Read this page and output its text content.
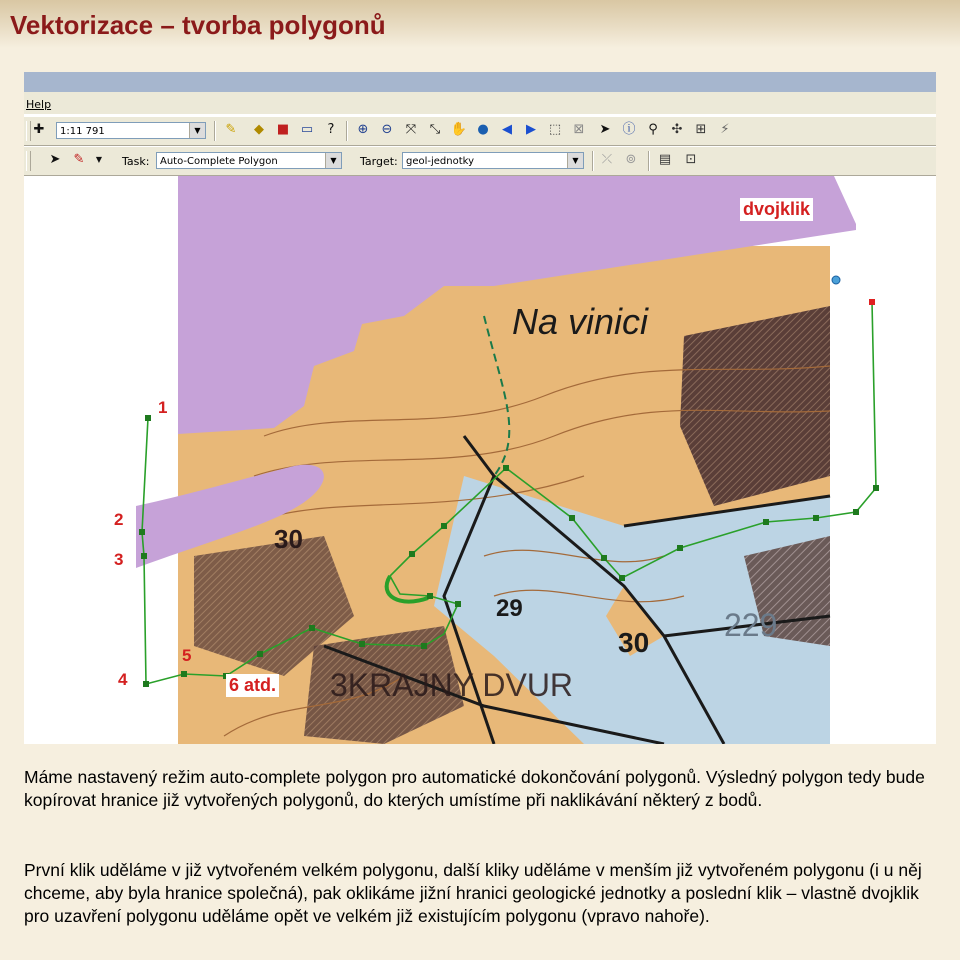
Vektorizace – tvorba polygonů
Help
✚	1:11 791	▼	✎	◆ ■ ▭	?	⊕ ⊖ ⤧ ⤡ ✋ ●	◀	▶ ⬚ ⊠ ➤ ⓘ ⚲	✣ ⊞	⚡
➤ ✎	▼	Task:	Auto-Complete Polygon	▼	Target: geol-jednotky	▼	⤫ ⊚ ▤ ⊡
Na vinici
30
29
30 229
3KRAJNY DVUR
dvojklik
1
2
3
4
5
6 atd.
Máme nastavený režim auto-complete polygon pro automatické dokončování polygonů. Výsledný polygon tedy bude kopírovat hranice již vytvořených polygonů, do kterých umístíme při naklikávání některý z bodů.
První klik uděláme v již vytvořeném velkém polygonu, další kliky uděláme v menším již vytvořeném polygonu (i u něj chceme, aby byla hranice společná), pak oklikáme jižní hranici geologické jednotky a poslední klik – vlastně dvojklik pro uzavření polygonu uděláme opět ve velkém již existujícím polygonu (vpravo nahoře).
